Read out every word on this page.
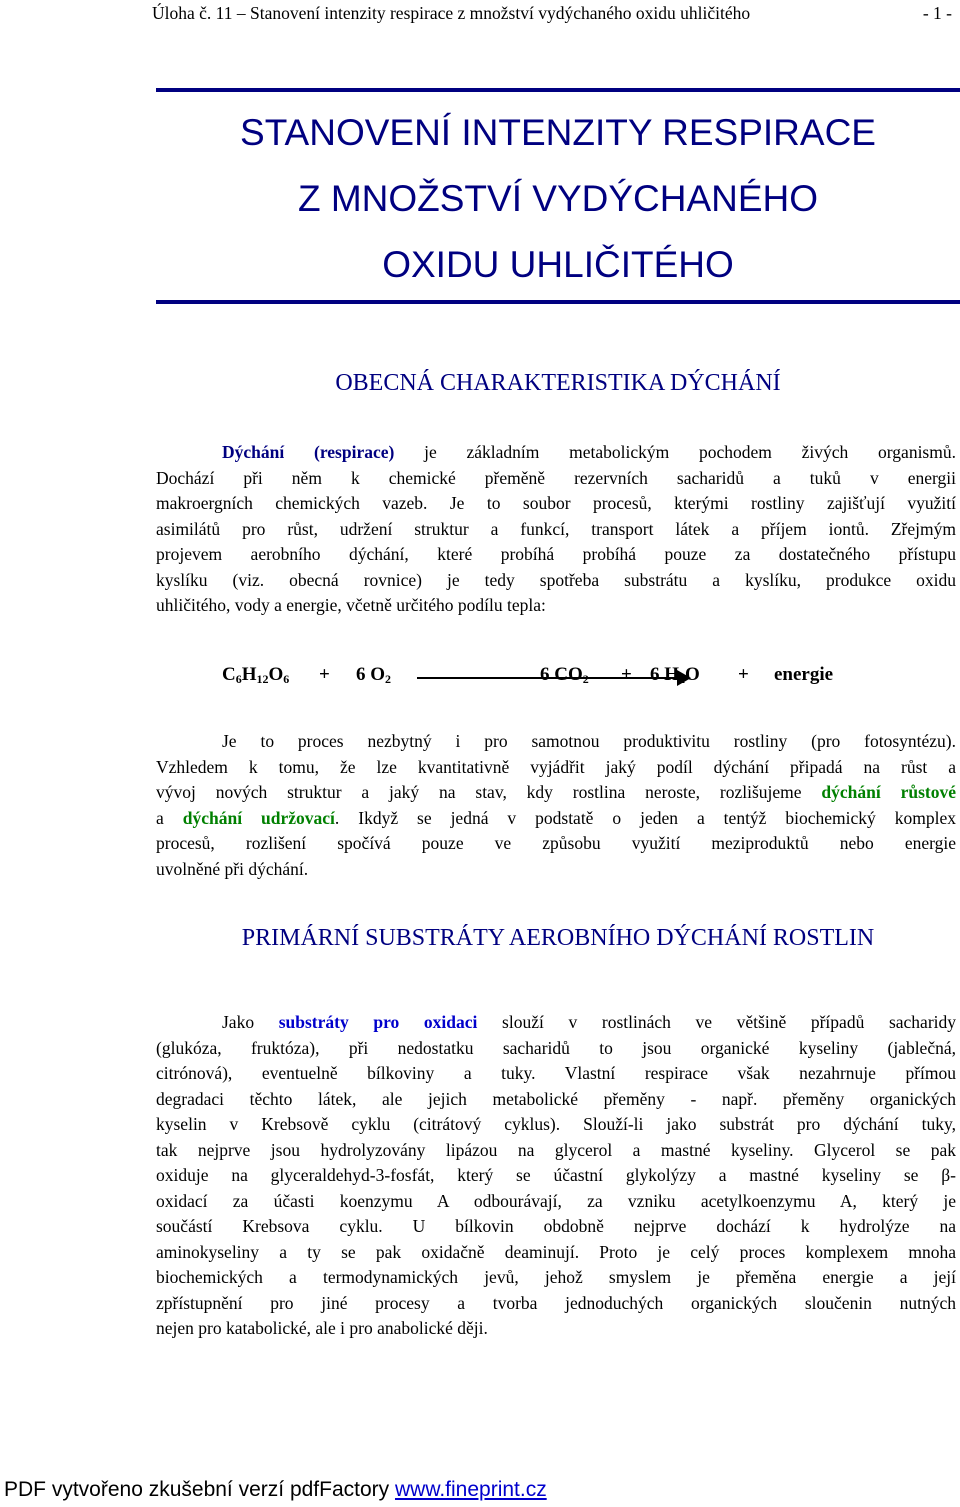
Úloha č. 11 – Stanovení intenzity respirace z množství vydýchaného oxidu uhličitého	- 1 -
STANOVENÍ INTENZITY RESPIRACE
Z MNOŽSTVÍ VYDÝCHANÉHO
OXIDU UHLIČITÉHO
OBECNÁ CHARAKTERISTIKA DÝCHÁNÍ
Dýchání (respirace) je základním metabolickým pochodem živých organismů.
Dochází při něm k chemické přeměně rezervních sacharidů a tuků v energii
makroergních chemických vazeb. Je to soubor procesů, kterými rostliny zajišťují využití
asimilátů pro růst, udržení struktur a funkcí, transport látek a příjem iontů. Zřejmým
projevem aerobního dýchání, které probíhá probíhá pouze za dostatečného přístupu
kyslíku (viz. obecná rovnice) je tedy spotřeba substrátu a kyslíku, produkce oxidu
uhličitého, vody a energie, včetně určitého podílu tepla:
$C_6H_{12}O_6 + 6$ $O_2$	6 $CO_2 + 6$ $H_2O$ + energie
Je to proces nezbytný i pro samotnou produktivitu rostliny (pro fotosyntézu).
Vzhledem k tomu, že lze kvantitativně vyjádřit jaký podíl dýchání připadá na růst a
vývoj nových struktur a jaký na stav, kdy rostlina neroste, rozlišujeme dýchání růstové
a dýchání udržovací. Ikdyž se jedná v podstatě o jeden a tentýž biochemický komplex
procesů, rozlišení spočívá pouze ve způsobu využití meziproduktů nebo energie
uvolněné při dýchání.
PRIMÁRNÍ SUBSTRÁTY AEROBNÍHO DÝCHÁNÍ ROSTLIN
Jako substráty pro oxidaci slouží v rostlinách ve většině případů sacharidy
(glukóza, fruktóza), při nedostatku sacharidů to jsou organické kyseliny (jablečná,
citrónová), eventuelně bílkoviny a tuky. Vlastní respirace však nezahrnuje přímou
degradaci těchto látek, ale jejich metabolické přeměny - např. přeměny organických
kyselin v Krebsově cyklu (citrátový cyklus). Slouží-li jako substrát pro dýchání tuky,
tak nejprve jsou hydrolyzovány lipázou na glycerol a mastné kyseliny. Glycerol se pak
oxiduje na glyceraldehyd-3-fosfát, který se účastní glykolýzy a mastné kyseliny se β-
oxidací za účasti koenzymu A odbourávají, za vzniku acetylkoenzymu A, který je
součástí Krebsova cyklu. U bílkovin obdobně nejprve dochází k hydrolýze na
aminokyseliny a ty se pak oxidačně deaminují. Proto je celý proces komplexem mnoha
biochemických a termodynamických jevů, jehož smyslem je přeměna energie a její
zpřístupnění pro jiné procesy a tvorba jednoduchých organických sloučenin nutných
nejen pro katabolické, ale i pro anabolické ději.
PDF vytvořeno zkušební verzí pdfFactory www.fineprint.cz
